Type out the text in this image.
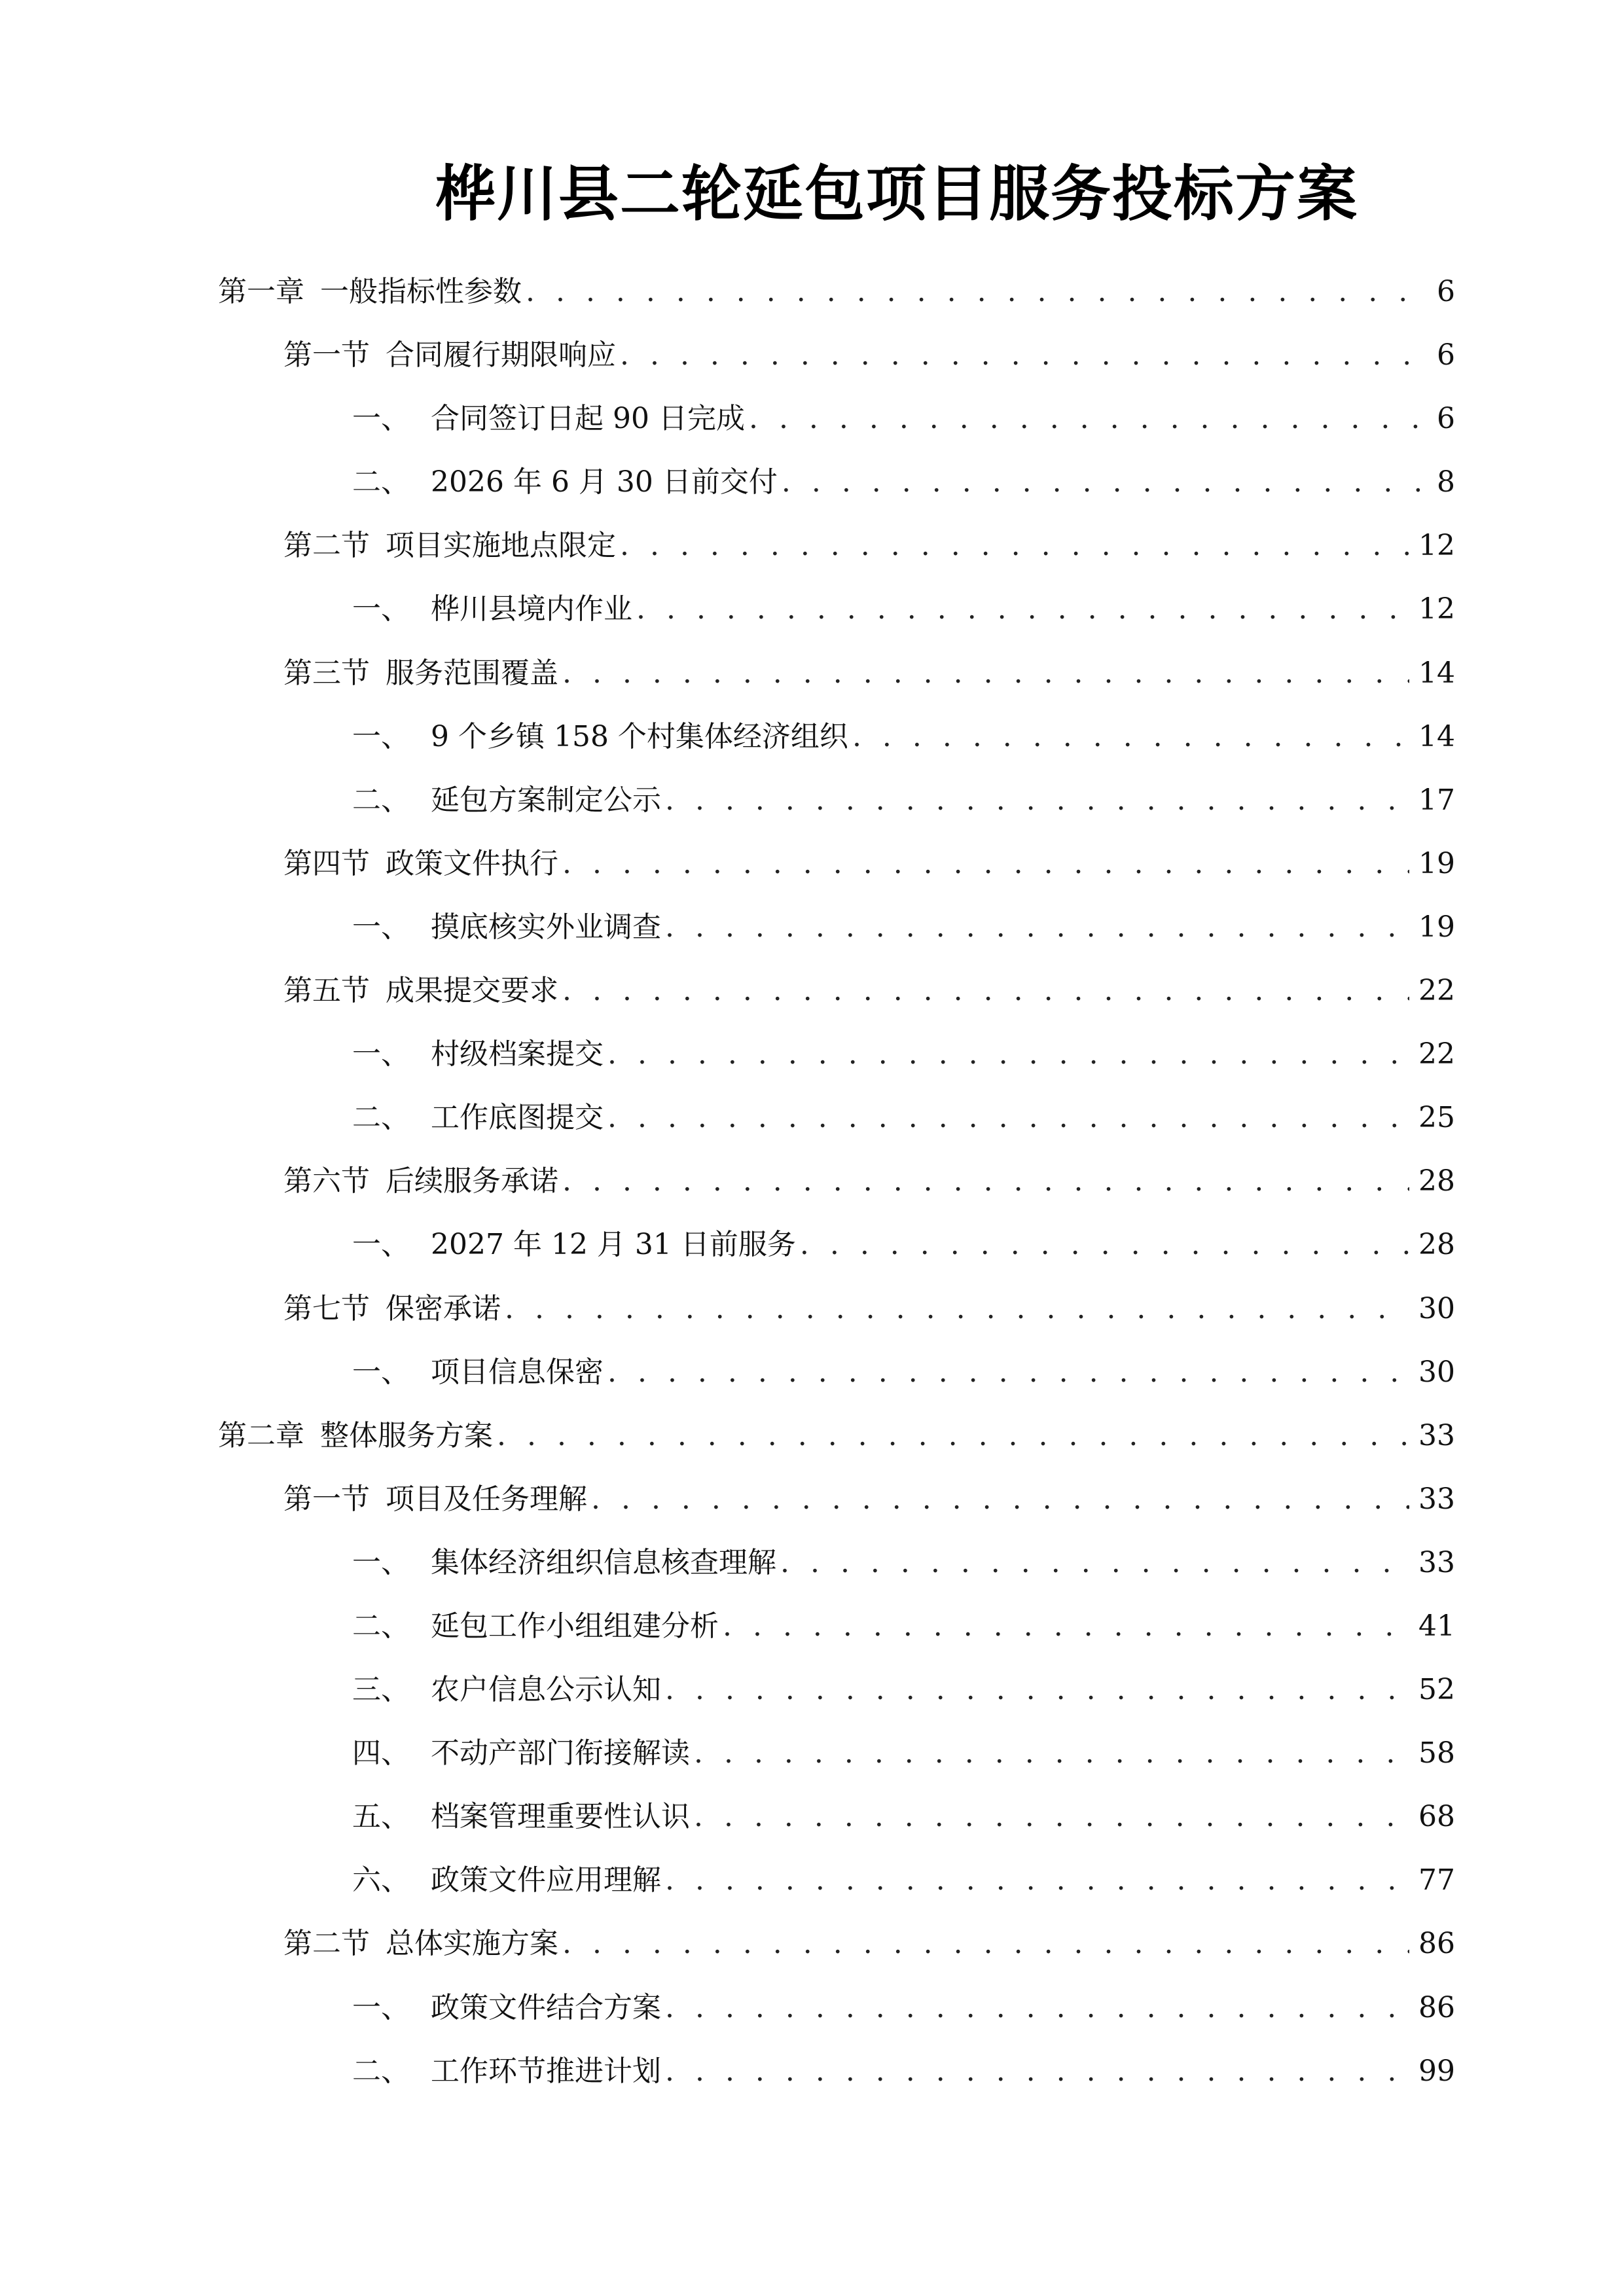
桦川县二轮延包项目服务投标方案
第一章 一般指标性参数 . . .	6
第一节 合同履行期限响应 . . .	6
一、 合同签订日起 90 日完成 . . .	6
二、 2026 年 6 月 30 日前交付 . . .	8
第二节 项目实施地点限定 . . .	12
一、 桦川县境内作业 . . .	12
第三节 服务范围覆盖 . . .	14
一、 9 个乡镇 158 个村集体经济组织 . . .	14
二、 延包方案制定公示 . . .	17
第四节 政策文件执行 . . .	19
一、 摸底核实外业调查 . . .	19
第五节 成果提交要求 . . .	22
一、 村级档案提交 . . .	22
二、 工作底图提交 . . .	25
第六节 后续服务承诺 . . .	28
一、 2027 年 12 月 31 日前服务 . . .	28
第七节 保密承诺 . . .	30
一、 项目信息保密 . . .	30
第二章 整体服务方案 . . .	33
第一节 项目及任务理解 . . .	33
一、 集体经济组织信息核查理解 . . .	33
二、 延包工作小组组建分析 . . .	41
三、 农户信息公示认知 . . .	52
四、 不动产部门衔接解读 . . .	58
五、 档案管理重要性认识 . . .	68
六、 政策文件应用理解 . . .	77
第二节 总体实施方案 . . .	86
一、 政策文件结合方案 . . .	86
二、 工作环节推进计划 . . .	99
